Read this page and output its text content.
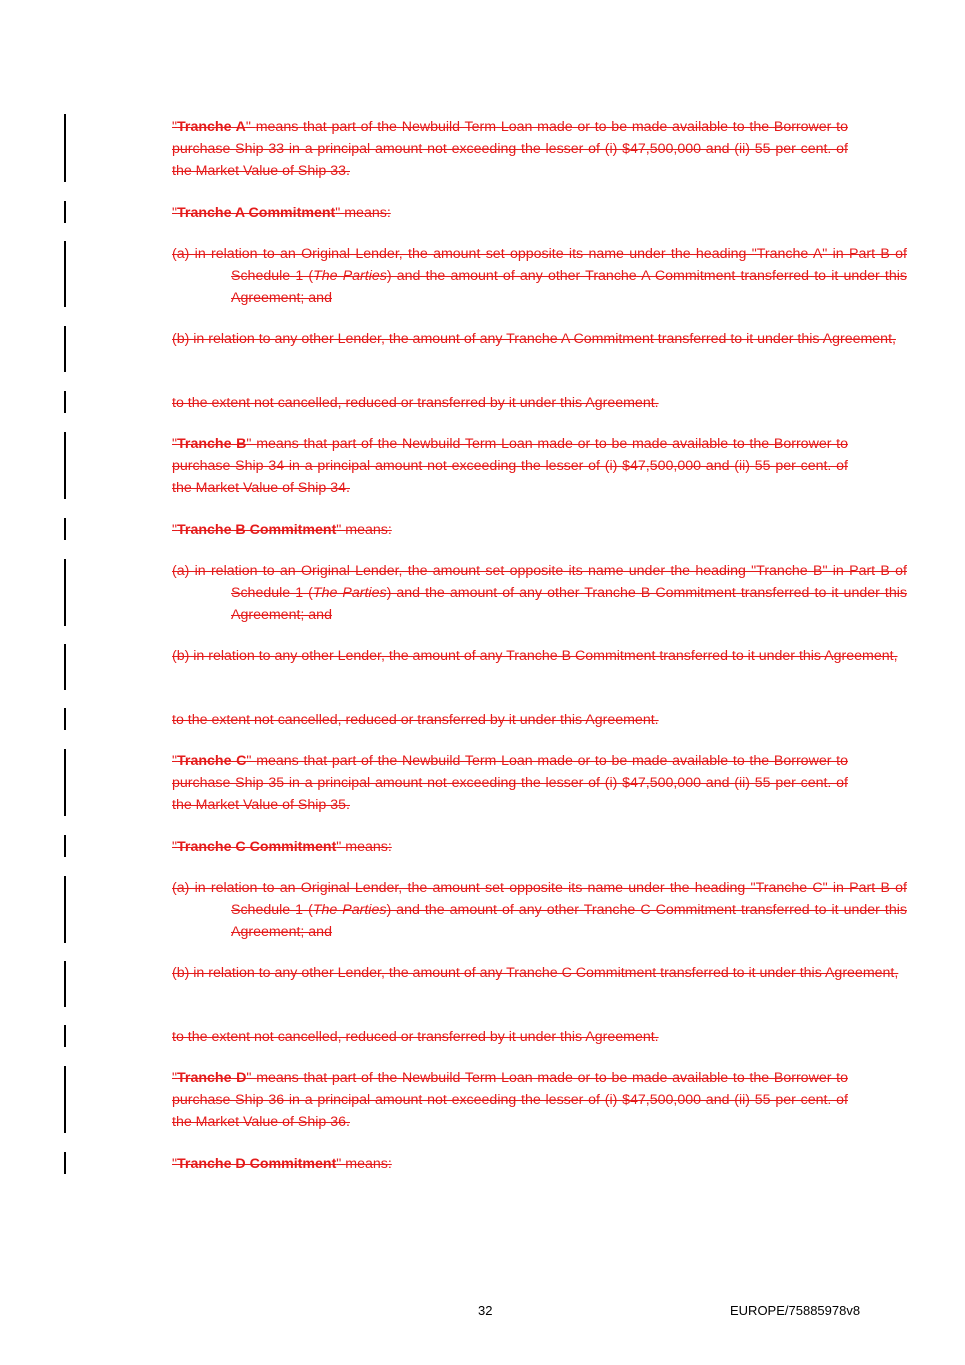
"Tranche A" means that part of the Newbuild Term Loan made or to be made available to the Borrower to purchase Ship 33 in a principal amount not exceeding the lesser of (i) $47,500,000 and (ii) 55 per cent. of the Market Value of Ship 33.
"Tranche A Commitment" means:
(a) in relation to an Original Lender, the amount set opposite its name under the heading "Tranche A" in Part B of Schedule 1 (The Parties) and the amount of any other Tranche A Commitment transferred to it under this Agreement; and
(b) in relation to any other Lender, the amount of any Tranche A Commitment transferred to it under this Agreement,
to the extent not cancelled, reduced or transferred by it under this Agreement.
"Tranche B" means that part of the Newbuild Term Loan made or to be made available to the Borrower to purchase Ship 34 in a principal amount not exceeding the lesser of (i) $47,500,000 and (ii) 55 per cent. of the Market Value of Ship 34.
"Tranche B Commitment" means:
(a) in relation to an Original Lender, the amount set opposite its name under the heading "Tranche B" in Part B of Schedule 1 (The Parties) and the amount of any other Tranche B Commitment transferred to it under this Agreement; and
(b) in relation to any other Lender, the amount of any Tranche B Commitment transferred to it under this Agreement,
to the extent not cancelled, reduced or transferred by it under this Agreement.
"Tranche C" means that part of the Newbuild Term Loan made or to be made available to the Borrower to purchase Ship 35 in a principal amount not exceeding the lesser of (i) $47,500,000 and (ii) 55 per cent. of the Market Value of Ship 35.
"Tranche C Commitment" means:
(a) in relation to an Original Lender, the amount set opposite its name under the heading "Tranche C" in Part B of Schedule 1 (The Parties) and the amount of any other Tranche C Commitment transferred to it under this Agreement; and
(b) in relation to any other Lender, the amount of any Tranche C Commitment transferred to it under this Agreement,
to the extent not cancelled, reduced or transferred by it under this Agreement.
"Tranche D" means that part of the Newbuild Term Loan made or to be made available to the Borrower to purchase Ship 36 in a principal amount not exceeding the lesser of (i) $47,500,000 and (ii) 55 per cent. of the Market Value of Ship 36.
"Tranche D Commitment" means:
32	EUROPE/75885978v8
